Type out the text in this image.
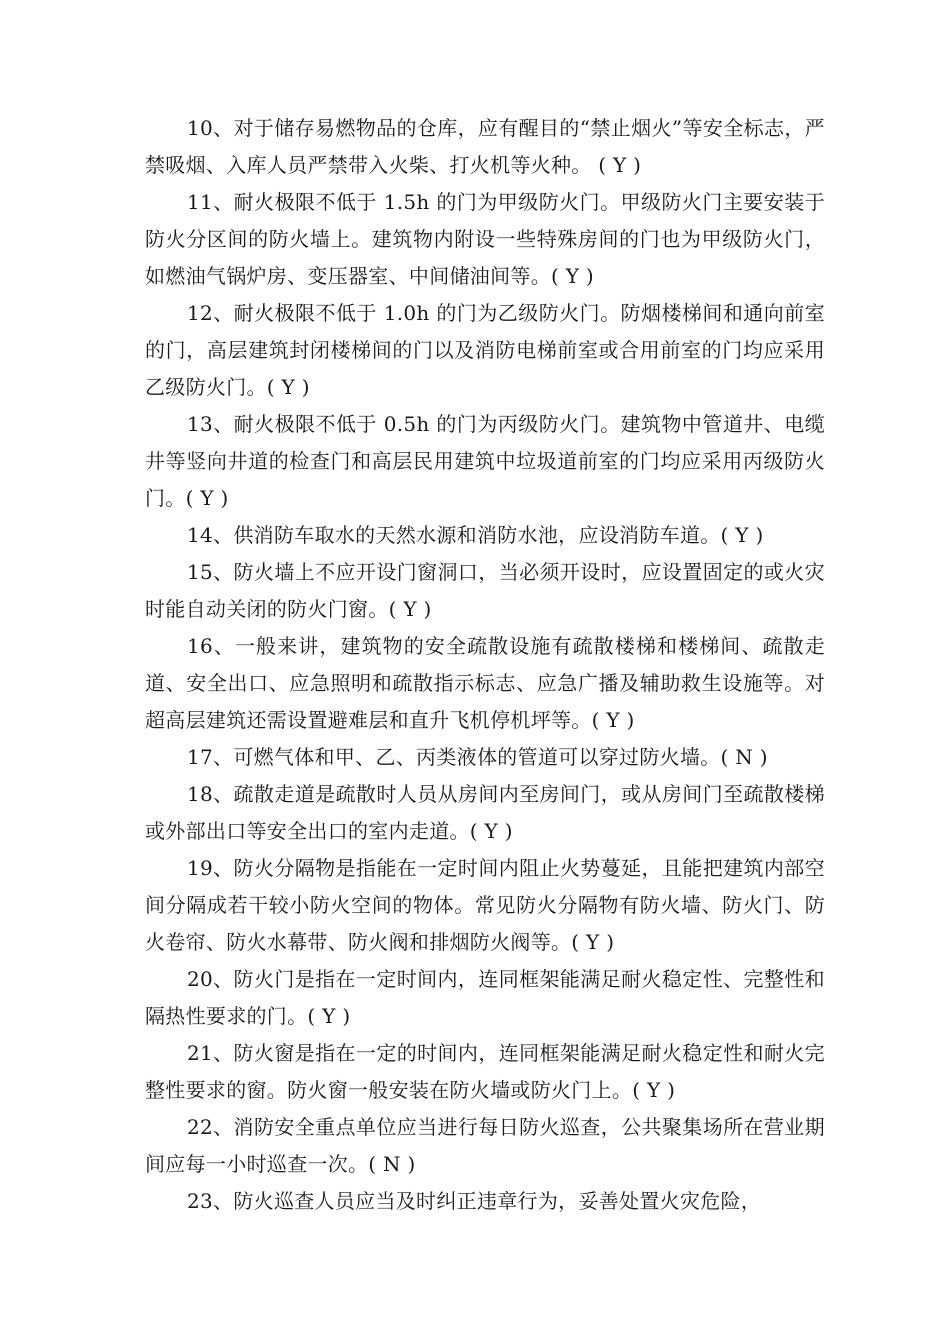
10、对于储存易燃物品的仓库，应有醒目的“禁止烟火”等安全标志，严禁吸烟、入库人员严禁带入火柴、打火机等火种。 ( Y )

11、耐火极限不低于 1.5h 的门为甲级防火门。甲级防火门主要安装于防火分区间的防火墙上。建筑物内附设一些特殊房间的门也为甲级防火门，如燃油气锅炉房、变压器室、中间储油间等。( Y )

12、耐火极限不低于 1.0h 的门为乙级防火门。防烟楼梯间和通向前室的门，高层建筑封闭楼梯间的门以及消防电梯前室或合用前室的门均应采用乙级防火门。( Y )

13、耐火极限不低于 0.5h 的门为丙级防火门。建筑物中管道井、电缆井等竖向井道的检查门和高层民用建筑中垃圾道前室的门均应采用丙级防火门。( Y )

14、供消防车取水的天然水源和消防水池，应设消防车道。( Y )

15、防火墙上不应开设门窗洞口，当必须开设时，应设置固定的或火灾时能自动关闭的防火门窗。( Y )

16、一般来讲，建筑物的安全疏散设施有疏散楼梯和楼梯间、疏散走道、安全出口、应急照明和疏散指示标志、应急广播及辅助救生设施等。对超高层建筑还需设置避难层和直升飞机停机坪等。( Y )

17、可燃气体和甲、乙、丙类液体的管道可以穿过防火墙。( N )

18、疏散走道是疏散时人员从房间内至房间门，或从房间门至疏散楼梯或外部出口等安全出口的室内走道。( Y )

19、防火分隔物是指能在一定时间内阻止火势蔓延，且能把建筑内部空间分隔成若干较小防火空间的物体。常见防火分隔物有防火墙、防火门、防火卷帘、防火水幕带、防火阀和排烟防火阀等。( Y )

20、防火门是指在一定时间内，连同框架能满足耐火稳定性、完整性和隔热性要求的门。( Y )

21、防火窗是指在一定的时间内，连同框架能满足耐火稳定性和耐火完整性要求的窗。防火窗一般安装在防火墙或防火门上。( Y )

22、消防安全重点单位应当进行每日防火巡查，公共聚集场所在营业期间应每一小时巡查一次。( N )

23、防火巡查人员应当及时纠正违章行为，妥善处置火灾危险，
